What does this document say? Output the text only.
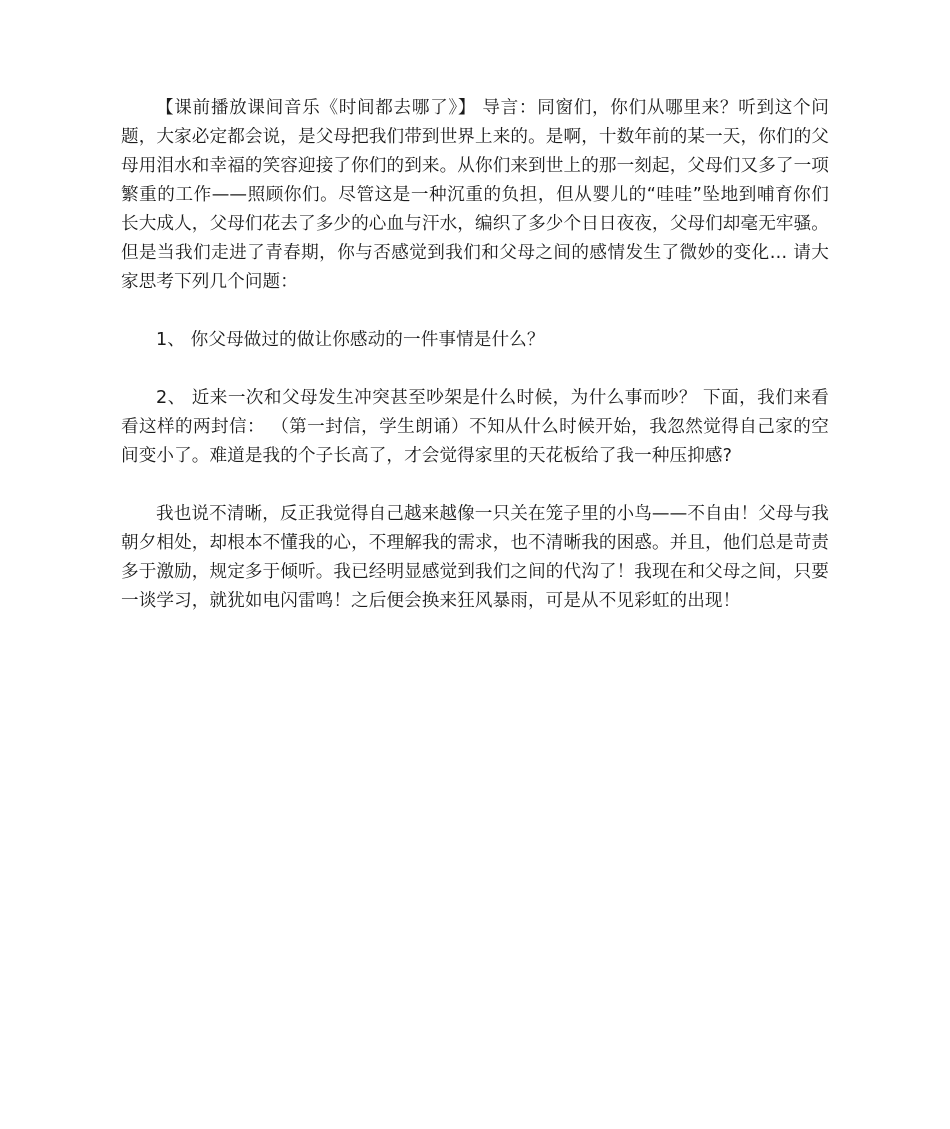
【课前播放课间音乐《时间都去哪了》】 导言：同窗们，你们从哪里来？听到这个问题，大家必定都会说，是父母把我们带到世界上来的。是啊，十数年前的某一天，你们的父母用泪水和幸福的笑容迎接了你们的到来。从你们来到世上的那一刻起，父母们又多了一项繁重的工作——照顾你们。尽管这是一种沉重的负担，但从婴儿的“哇哇”坠地到哺育你们长大成人，父母们花去了多少的心血与汗水，编织了多少个日日夜夜，父母们却毫无牢骚。但是当我们走进了青春期，你与否感觉到我们和父母之间的感情发生了微妙的变化… 请大家思考下列几个问题：

1、 你父母做过的做让你感动的一件事情是什么？

2、 近来一次和父母发生冲突甚至吵架是什么时候，为什么事而吵？ 下面，我们来看看这样的两封信： （第一封信，学生朗诵）不知从什么时候开始，我忽然觉得自己家的空间变小了。难道是我的个子长高了，才会觉得家里的天花板给了我一种压抑感?

我也说不清晰，反正我觉得自己越来越像一只关在笼子里的小鸟——不自由！父母与我朝夕相处，却根本不懂我的心，不理解我的需求，也不清晰我的困惑。并且，他们总是苛责多于激励，规定多于倾听。我已经明显感觉到我们之间的代沟了！我现在和父母之间，只要一谈学习，就犹如电闪雷鸣！之后便会换来狂风暴雨，可是从不见彩虹的出现！
